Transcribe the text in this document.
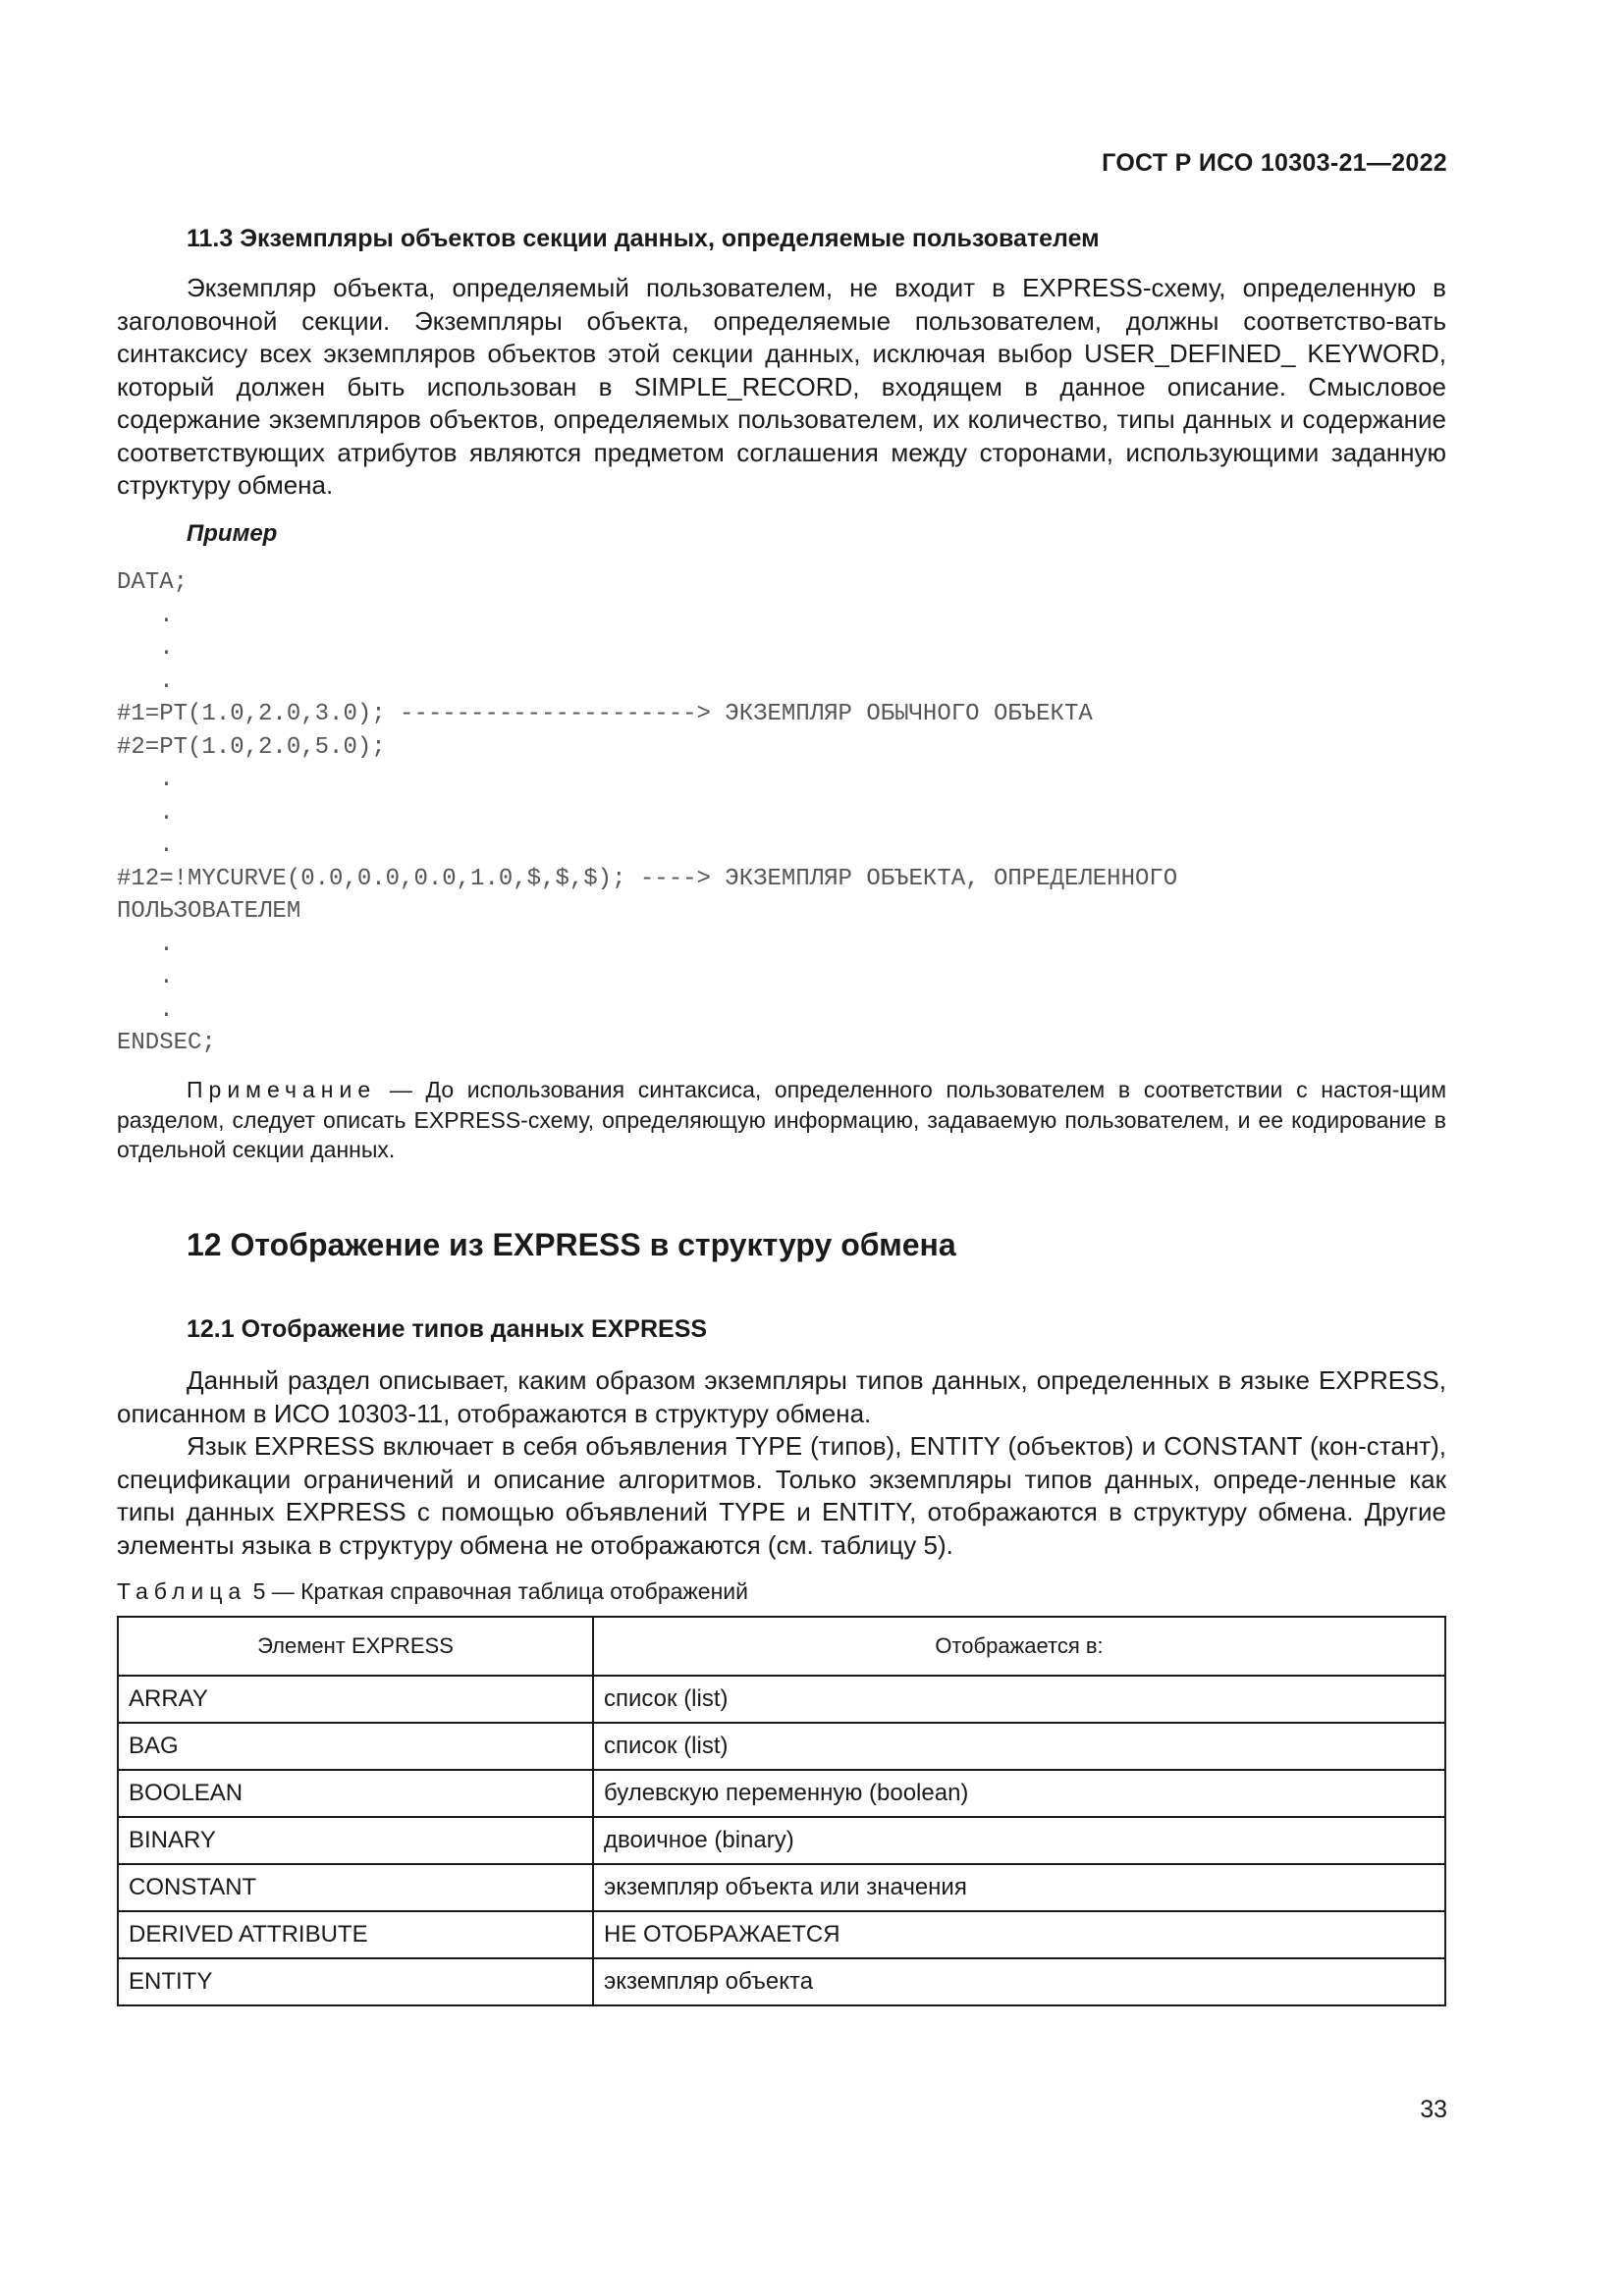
ГОСТ Р ИСО 10303-21—2022
11.3 Экземпляры объектов секции данных, определяемые пользователем

Экземпляр объекта, определяемый пользователем, не входит в EXPRESS-схему, определенную в заголовочной секции. Экземпляры объекта, определяемые пользователем, должны соответство-вать синтаксису всех экземпляров объектов этой секции данных, исключая выбор USER_DEFINED_ KEYWORD, который должен быть использован в SIMPLE_RECORD, входящем в данное описание. Смысловое содержание экземпляров объектов, определяемых пользователем, их количество, типы данных и содержание соответствующих атрибутов являются предметом соглашения между сторонами, использующими заданную структуру обмена.

Пример
DATA;
.
.
.
#1=PT(1.0,2.0,3.0); ---------------------> ЭКЗЕМПЛЯР ОБЫЧНОГО ОБЪЕКТА
#2=PT(1.0,2.0,5.0);
.
.
.
#12=!MYCURVE(0.0,0.0,0.0,1.0,$,$,$); ----> ЭКЗЕМПЛЯР ОБЪЕКТА, ОПРЕДЕЛЕННОГО
ПОЛЬЗОВАТЕЛЕМ
.
.
.
ENDSEC;

Примечание — До использования синтаксиса, определенного пользователем в соответствии с настоя-щим разделом, следует описать EXPRESS-схему, определяющую информацию, задаваемую пользователем, и ее кодирование в отдельной секции данных.

12 Отображение из EXPRESS в структуру обмена
12.1 Отображение типов данных EXPRESS

Данный раздел описывает, каким образом экземпляры типов данных, определенных в языке EXPRESS, описанном в ИСО 10303-11, отображаются в структуру обмена.

Язык EXPRESS включает в себя объявления TYPE (типов), ENTITY (объектов) и CONSTANT (кон-стант), спецификации ограничений и описание алгоритмов. Только экземпляры типов данных, опреде-ленные как типы данных EXPRESS с помощью объявлений TYPE и ENTITY, отображаются в структуру обмена. Другие элементы языка в структуру обмена не отображаются (см. таблицу 5).

Таблица 5 — Краткая справочная таблица отображений
Элемент EXPRESS	Отображается в:
ARRAY	список (list)
BAG	список (list)
BOOLEAN	булевскую переменную (boolean)
BINARY	двоичное (binary)
CONSTANT	экземпляр объекта или значения
DERIVED ATTRIBUTE	НЕ ОТОБРАЖАЕТСЯ
ENTITY	экземпляр объекта
33
